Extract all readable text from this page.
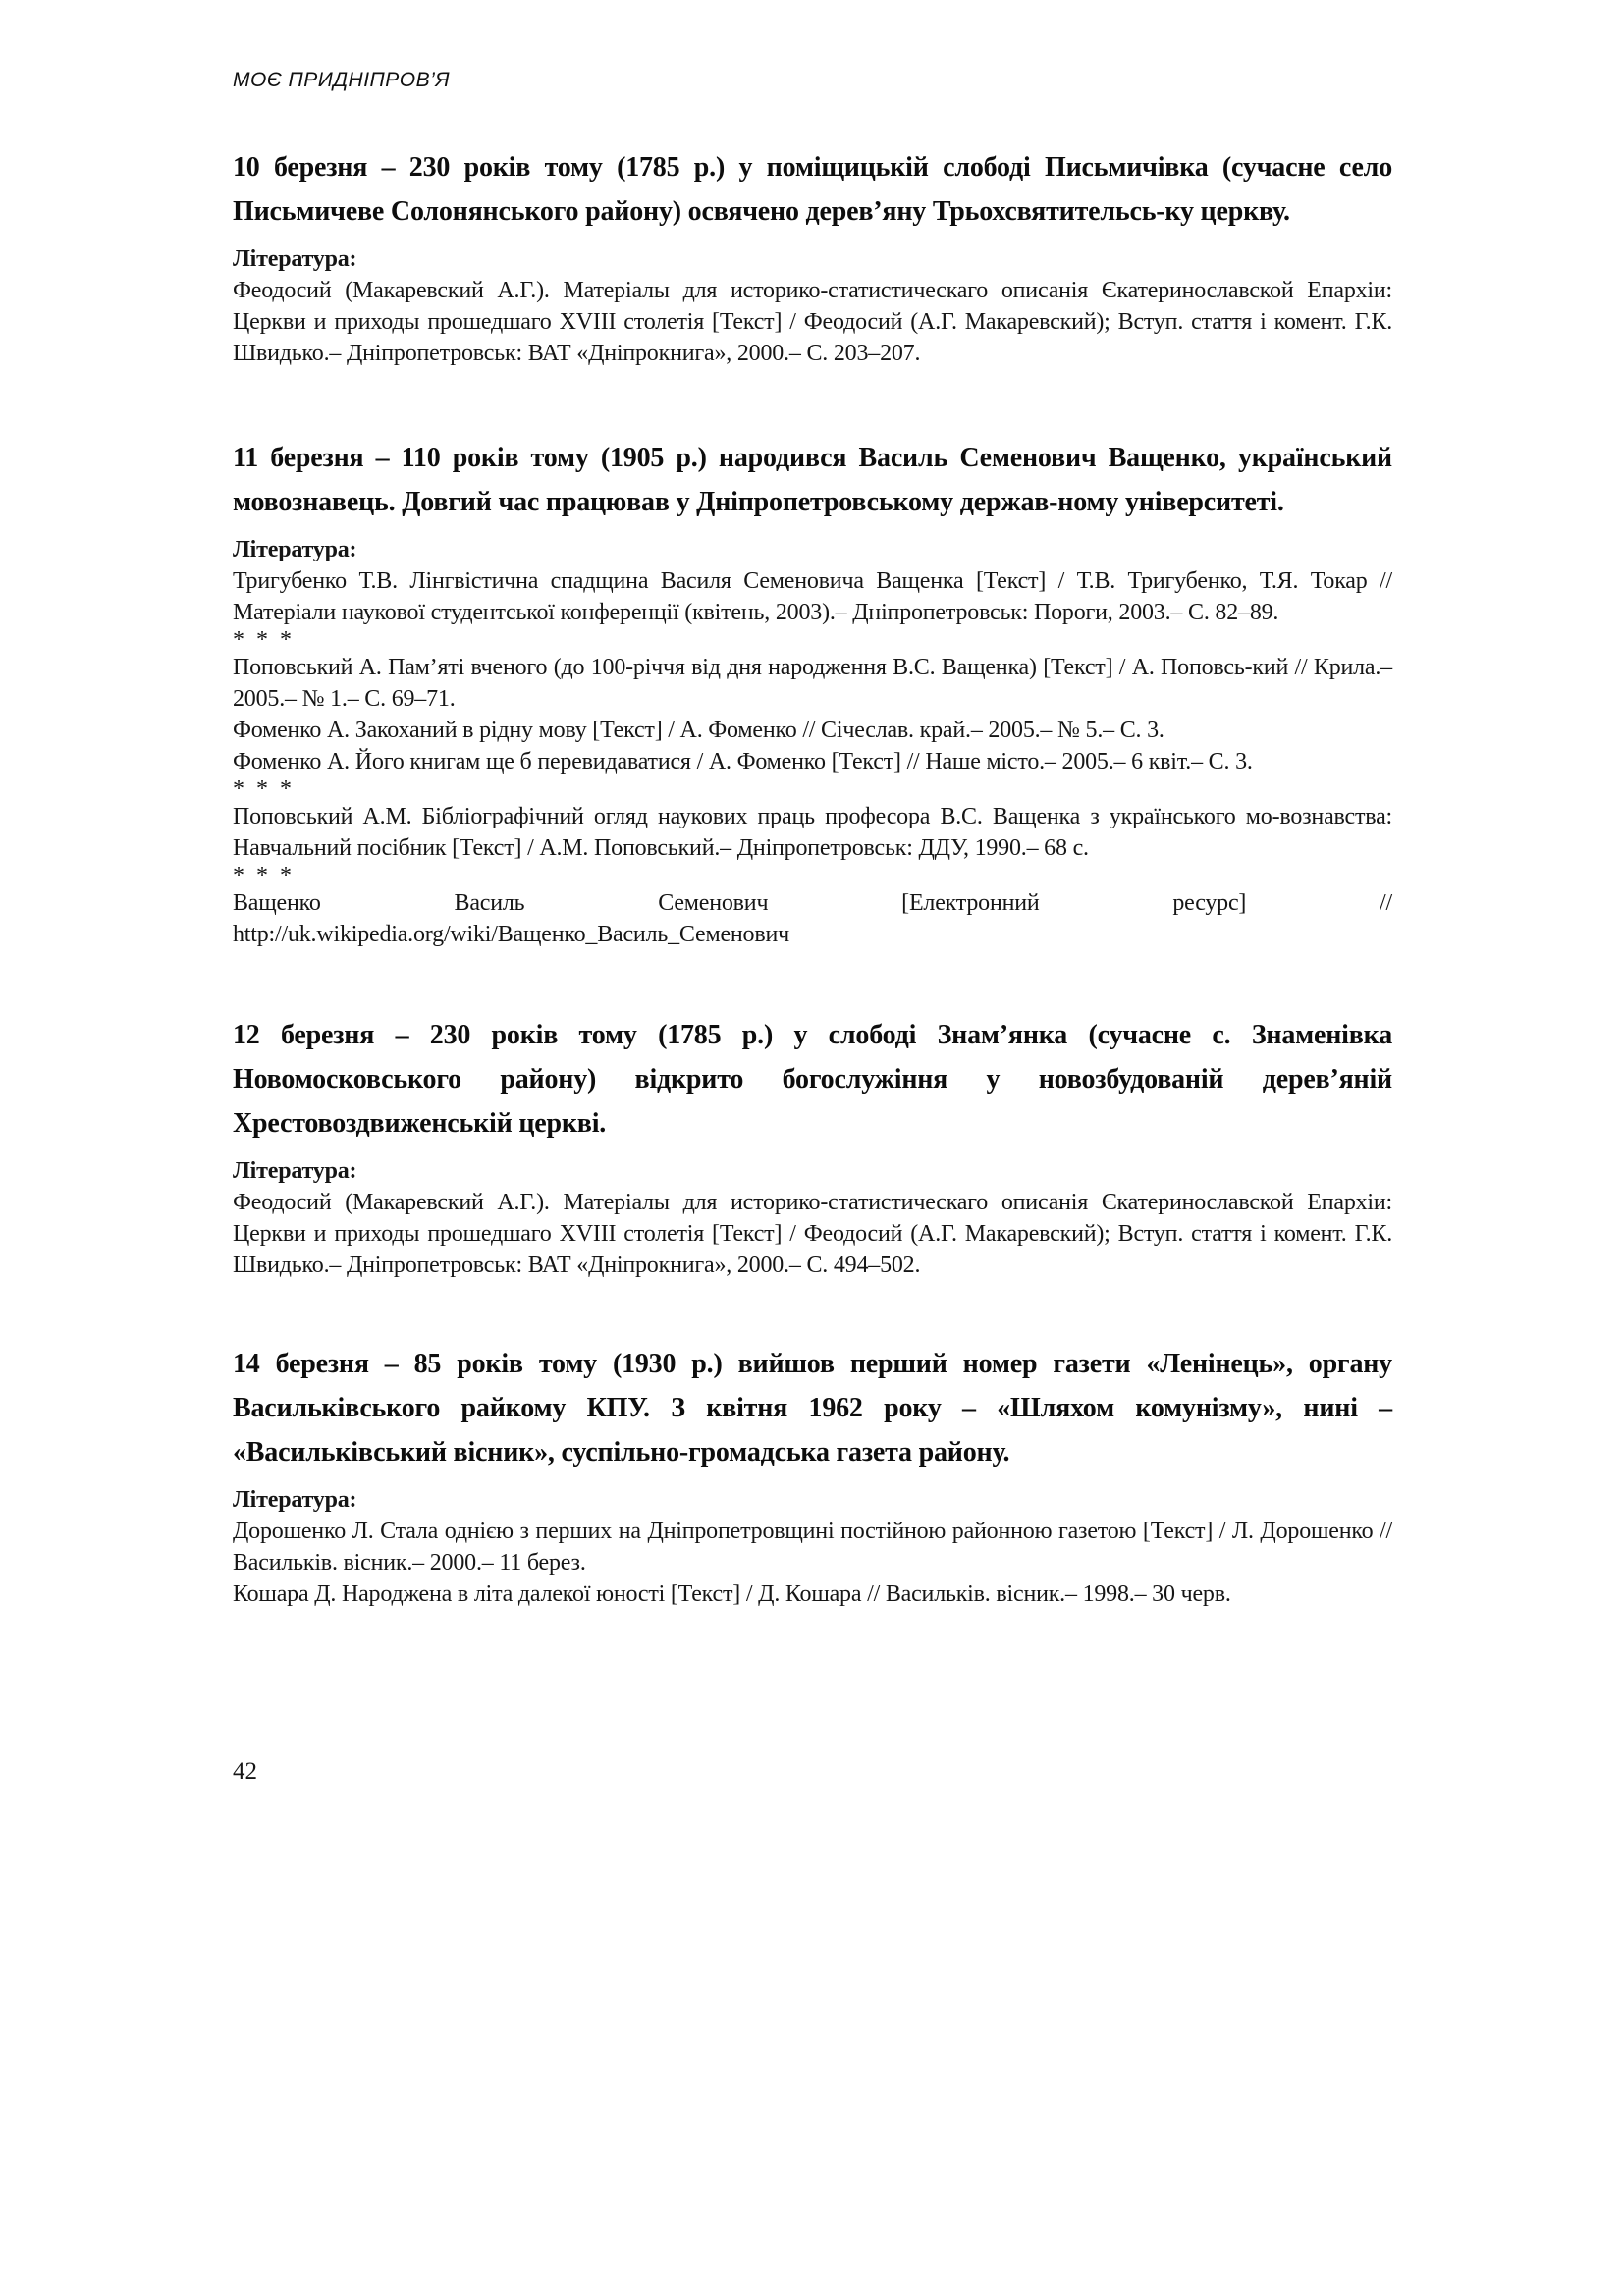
МОЄ ПРИДНІПРОВ’Я
10 березня – 230 років тому (1785 р.) у поміщицькій слободі Письмичівка (сучасне село Письмичеве Солонянського району) освячено дерев’яну Трьохсвятительсь-ку церкву.

Література:

Феодосий (Макаревский А.Г.). Матеріалы для историко-статистическаго описанія Єкатеринославской Епархіи: Церкви и приходы прошедшаго XVIII столетія [Текст] / Феодосий (А.Г. Макаревский); Вступ. стаття і комент. Г.К. Швидько.– Дніпропетровськ: ВАТ «Дніпрокнига», 2000.– С. 203–207.

11 березня – 110 років тому (1905 р.) народився Василь Семенович Ващенко, український мовознавець. Довгий час працював у Дніпропетровському держав-ному університеті.

Література:

Тригубенко Т.В. Лінгвістична спадщина Василя Семеновича Ващенка [Текст] / Т.В. Тригубенко, Т.Я. Токар // Матеріали наукової студентської конференції (квітень, 2003).– Дніпропетровськ: Пороги, 2003.– С. 82–89.

* * *

Поповський А. Пам’яті вченого (до 100-річчя від дня народження В.С. Ващенка) [Текст] / А. Поповсь-кий // Крила.– 2005.– № 1.– С. 69–71.

Фоменко А. Закоханий в рідну мову [Текст] / А. Фоменко // Січеслав. край.– 2005.– № 5.– С. 3.

Фоменко А. Його книгам ще б перевидаватися / А. Фоменко [Текст] // Наше місто.– 2005.– 6 квіт.– С. 3.

* * *

Поповський А.М. Бібліографічний огляд наукових праць професора В.С. Ващенка з українського мо-вознавства: Навчальний посібник [Текст] / А.М. Поповський.– Дніпропетровськ: ДДУ, 1990.– 68 с.

* * *

Ващенко Василь Семенович [Електронний ресурс] //

http://uk.wikipedia.org/wiki/Ващенко_Василь_Семенович

12 березня – 230 років тому (1785 р.) у слободі Знам’янка (сучасне с. Знаменівка Новомосковського району) відкрито богослужіння у новозбудованій дерев’яній Хрестовоздвиженській церкві.

Література:

Феодосий (Макаревский А.Г.). Матеріалы для историко-статистическаго описанія Єкатеринославской Епархіи: Церкви и приходы прошедшаго XVIII столетія [Текст] / Феодосий (А.Г. Макаревский); Вступ. стаття і комент. Г.К. Швидько.– Дніпропетровськ: ВАТ «Дніпрокнига», 2000.– С. 494–502.

14 березня – 85 років тому (1930 р.) вийшов перший номер газети «Ленінець», органу Васильківського райкому КПУ. З квітня 1962 року – «Шляхом комунізму», нині – «Васильківський вісник», суспільно-громадська газета району.

Література:

Дорошенко Л. Стала однією з перших на Дніпропетровщині постійною районною газетою [Текст] / Л. Дорошенко // Васильків. вісник.– 2000.– 11 берез.

Кошара Д. Народжена в літа далекої юності [Текст] / Д. Кошара // Васильків. вісник.– 1998.– 30 черв.

42
